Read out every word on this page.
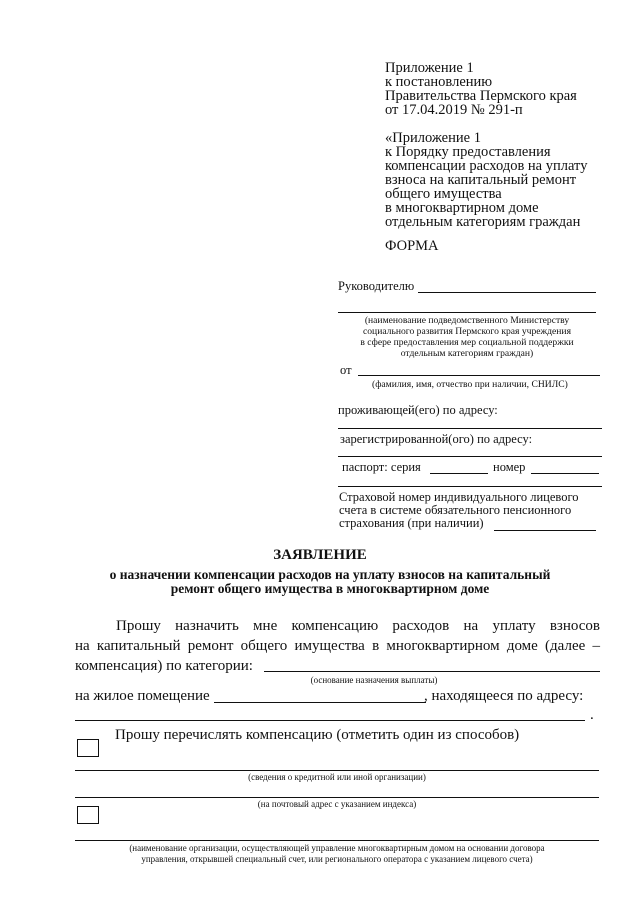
Приложение 1
к постановлению
Правительства Пермского края
от 17.04.2019 № 291-п
«Приложение 1
к Порядку предоставления
компенсации расходов на уплату
взноса на капитальный ремонт
общего имущества
в многоквартирном доме
отдельным категориям граждан
ФОРМА
Руководителю
(наименование подведомственного Министерству
социального развития Пермского края учреждения
в сфере предоставления мер социальной поддержки
отдельным категориям граждан)
от
(фамилия, имя, отчество при наличии, СНИЛС)
проживающей(его) по адресу:
зарегистрированной(ого) по адресу:
паспорт: серия	номер
Страховой номер индивидуального лицевого
счета в системе обязательного пенсионного
страхования (при наличии)
ЗАЯВЛЕНИЕ
о назначении компенсации расходов на уплату взносов на капитальный
ремонт общего имущества в многоквартирном доме
Прошу назначить мне компенсацию расходов на уплату взносов
на капитальный ремонт общего имущества в многоквартирном доме (далее –
компенсация) по категории:
(основание назначения выплаты)
на жилое помещение	, находящееся по адресу:
.
Прошу перечислять компенсацию (отметить один из способов)
(сведения о кредитной или иной организации)
(на почтовый адрес с указанием индекса)
(наименование организации, осуществляющей управление многоквартирным домом на основании договора
управления, открывшей специальный счет, или регионального оператора с указанием лицевого счета)
